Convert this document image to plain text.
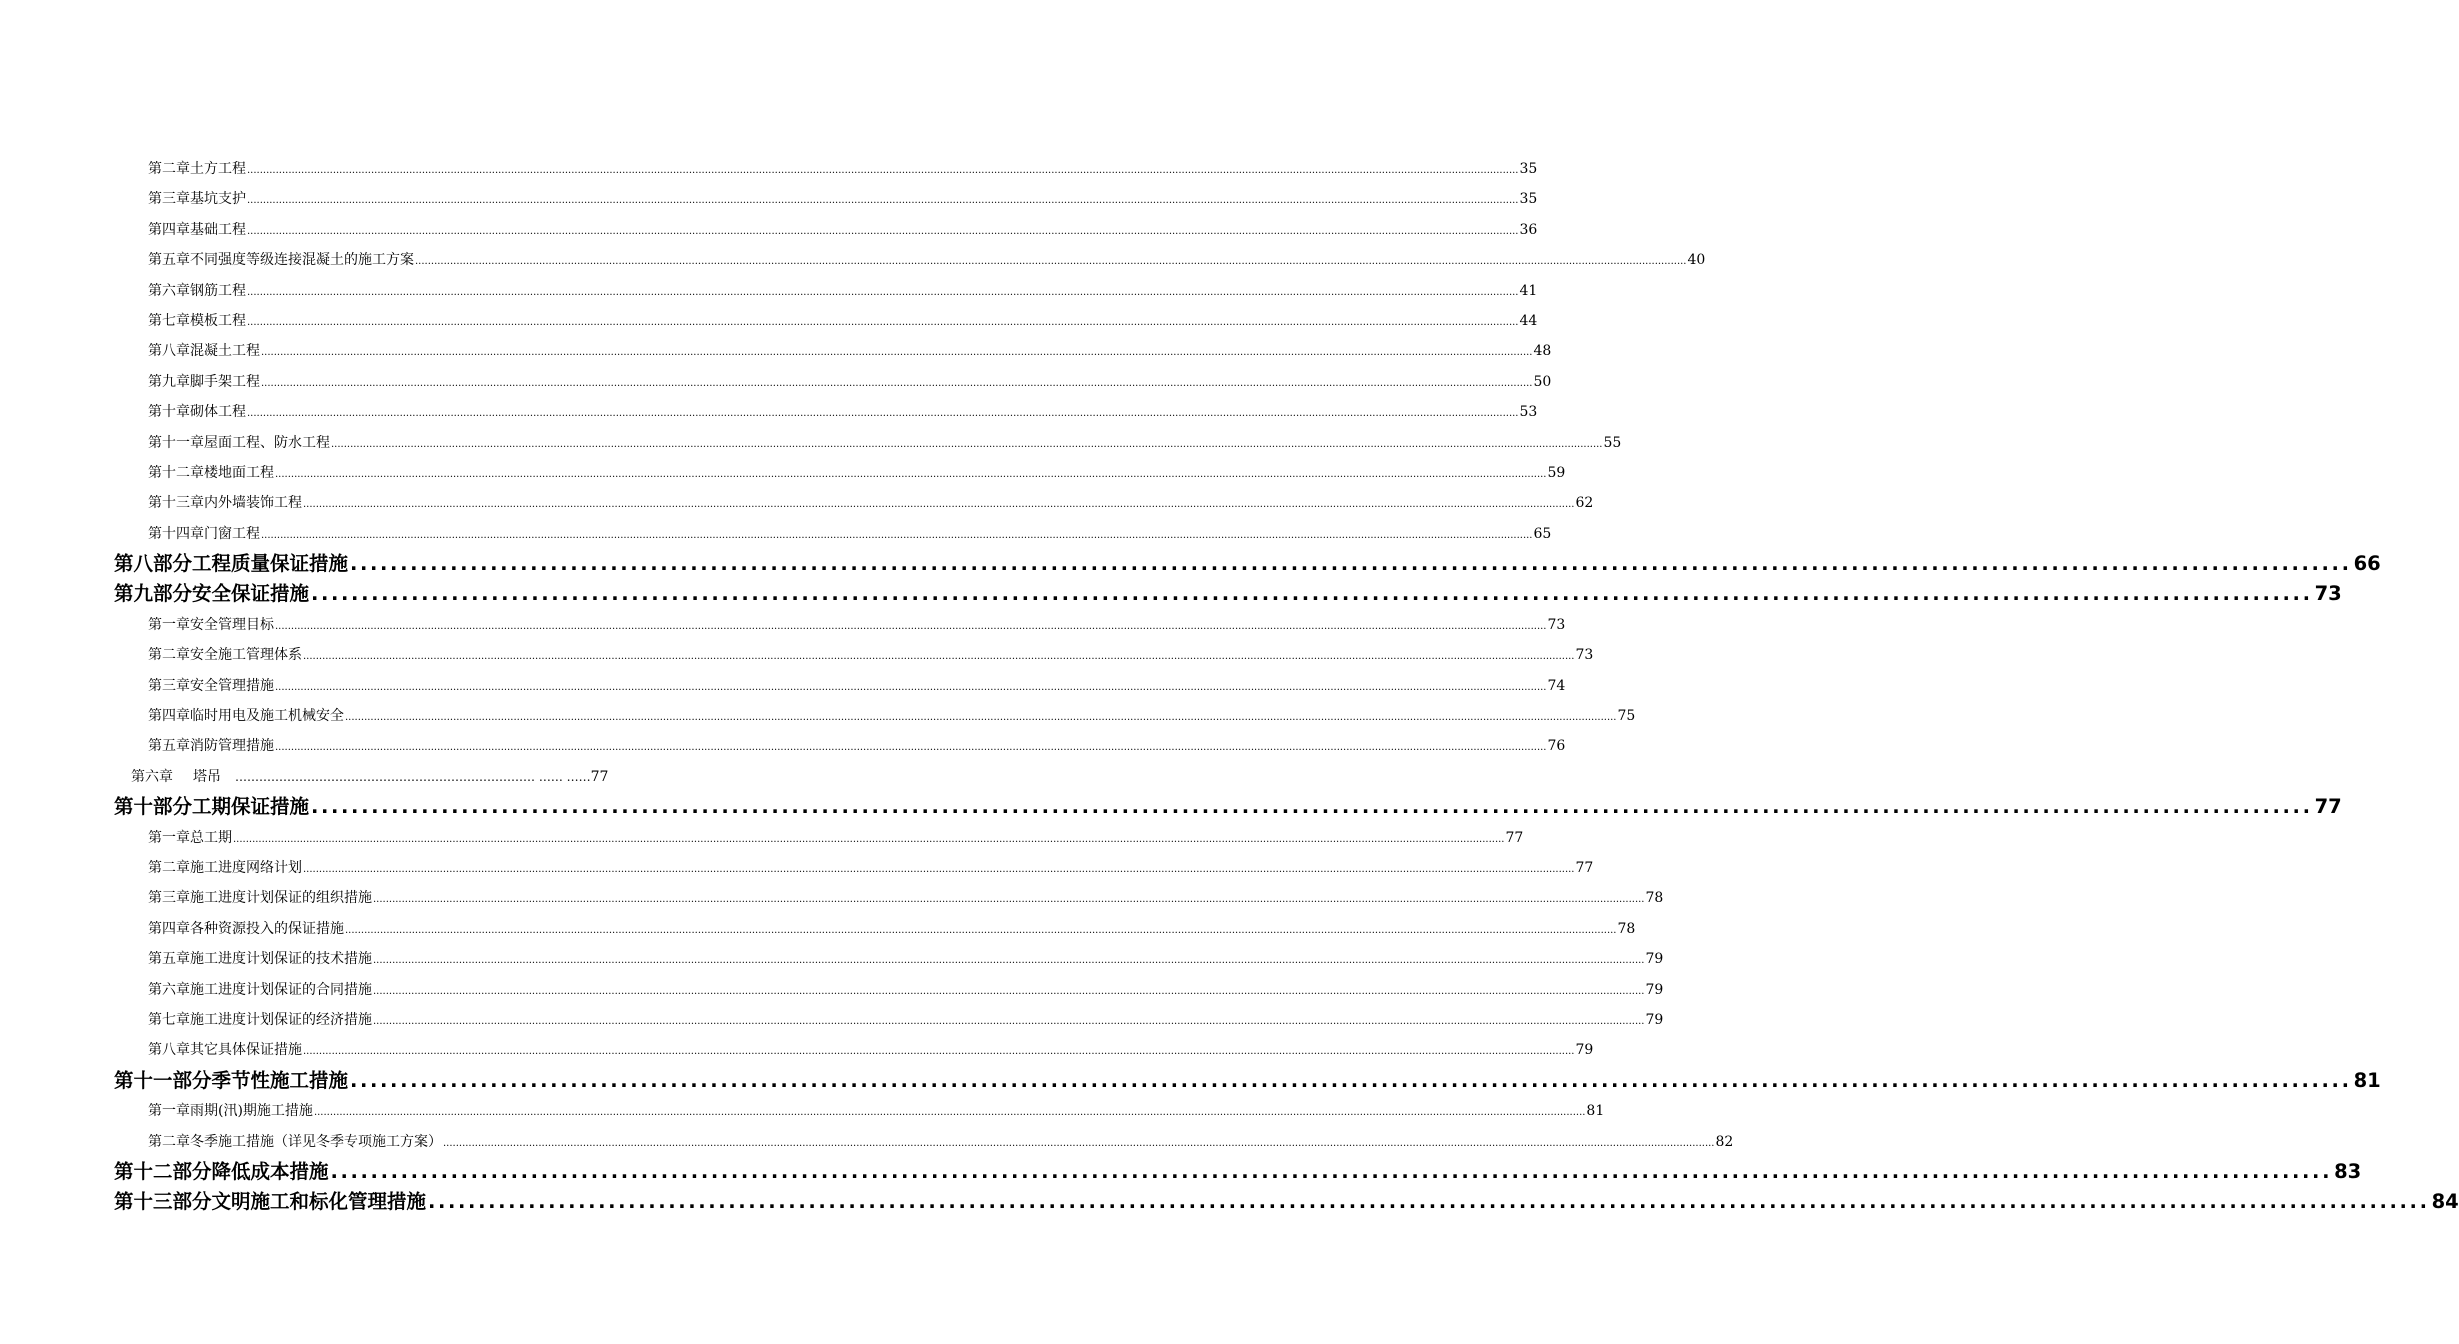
第二章 土方工程 ................................................................................................................................................................................................................................................................................................................................................................................................................ 35
第三章 基坑支护 ................................................................................................................................................................................................................................................................................................................................................................................................................ 35
第四章 基础工程 ................................................................................................................................................................................................................................................................................................................................................................................................................ 36
第五章 不同强度等级连接混凝土的施工方案 ................................................................................................................................................................................................................................................................................................................................................................................................................ 40
第六章 钢筋工程 ................................................................................................................................................................................................................................................................................................................................................................................................................ 41
第七章 模板工程 ................................................................................................................................................................................................................................................................................................................................................................................................................ 44
第八章 混凝土工程 ................................................................................................................................................................................................................................................................................................................................................................................................................ 48
第九章 脚手架工程 ................................................................................................................................................................................................................................................................................................................................................................................................................ 50
第十章 砌体工程 ................................................................................................................................................................................................................................................................................................................................................................................................................ 53
第十一章 屋面工程、防水工程 ................................................................................................................................................................................................................................................................................................................................................................................................................ 55
第十二章 楼地面工程 ................................................................................................................................................................................................................................................................................................................................................................................................................ 59
第十三章 内外墙装饰工程 ................................................................................................................................................................................................................................................................................................................................................................................................................ 62
第十四章 门窗工程 ................................................................................................................................................................................................................................................................................................................................................................................................................ 65
第八部分 工程质量保证措施 ........................................................................................................................................................................................................ 66
第九部分 安全保证措施 ........................................................................................................................................................................................................ 73
第一章 安全管理目标 ................................................................................................................................................................................................................................................................................................................................................................................................................ 73
第二章 安全施工管理体系 ................................................................................................................................................................................................................................................................................................................................................................................................................ 73
第三章 安全管理措施 ................................................................................................................................................................................................................................................................................................................................................................................................................ 74
第四章 临时用电及施工机械安全 ................................................................................................................................................................................................................................................................................................................................................................................................................ 75
第五章 消防管理措施 ................................................................................................................................................................................................................................................................................................................................................................................................................ 76
第六章 塔吊 ………………………………………………………………… …… …… 77
第十部分 工期保证措施 ........................................................................................................................................................................................................ 77
第一章 总工期 ................................................................................................................................................................................................................................................................................................................................................................................................................ 77
第二章 施工进度网络计划 ................................................................................................................................................................................................................................................................................................................................................................................................................ 77
第三章 施工进度计划保证的组织措施 ................................................................................................................................................................................................................................................................................................................................................................................................................ 78
第四章 各种资源投入的保证措施 ................................................................................................................................................................................................................................................................................................................................................................................................................ 78
第五章 施工进度计划保证的技术措施 ................................................................................................................................................................................................................................................................................................................................................................................................................ 79
第六章 施工进度计划保证的合同措施 ................................................................................................................................................................................................................................................................................................................................................................................................................ 79
第七章 施工进度计划保证的经济措施 ................................................................................................................................................................................................................................................................................................................................................................................................................ 79
第八章 其它具体保证措施 ................................................................................................................................................................................................................................................................................................................................................................................................................ 79
第十一部分 季节性施工措施 ........................................................................................................................................................................................................ 81
第一章 雨期(汛)期施工措施 ................................................................................................................................................................................................................................................................................................................................................................................................................ 81
第二章 冬季施工措施（详见冬季专项施工方案） ................................................................................................................................................................................................................................................................................................................................................................................................................ 82
第十二部分 降低成本措施 ........................................................................................................................................................................................................ 83
第十三部分 文明施工和标化管理措施 ........................................................................................................................................................................................................ 84
